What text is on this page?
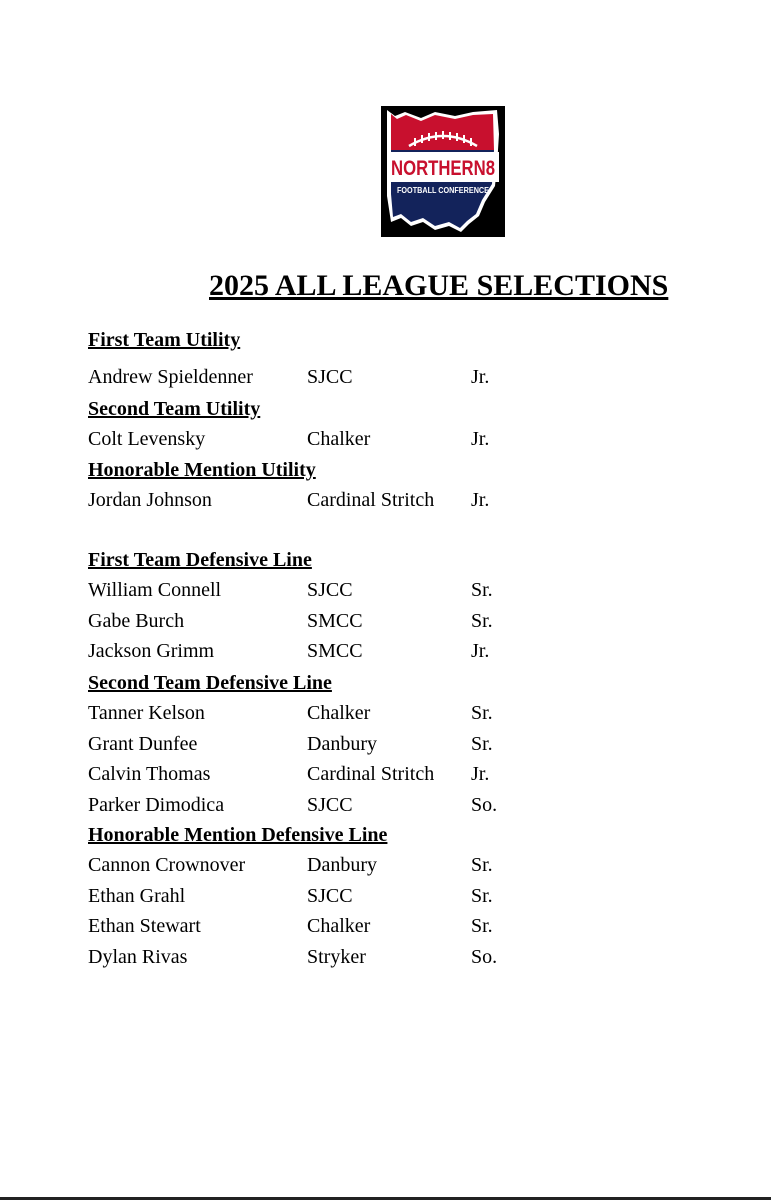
NORTHERN8
FOOTBALL CONFERENCE
2025 ALL LEAGUE SELECTIONS
First Team Utility
Andrew Spieldenner	SJCC	Jr.
Second Team Utility
Colt Levensky	Chalker	Jr.
Honorable Mention Utility
Jordan Johnson	Cardinal Stritch Jr.
First Team Defensive Line
William Connell	SJCC	Sr.
Gabe Burch	SMCC	Sr.
Jackson Grimm	SMCC	Jr.
Second Team Defensive Line
Tanner Kelson	Chalker	Sr.
Grant Dunfee	Danbury	Sr.
Calvin Thomas	Cardinal Stritch Jr.
Parker Dimodica	SJCC	So.
Honorable Mention Defensive Line
Cannon Crownover	Danbury	Sr.
Ethan Grahl	SJCC	Sr.
Ethan Stewart	Chalker	Sr.
Dylan Rivas	Stryker	So.
